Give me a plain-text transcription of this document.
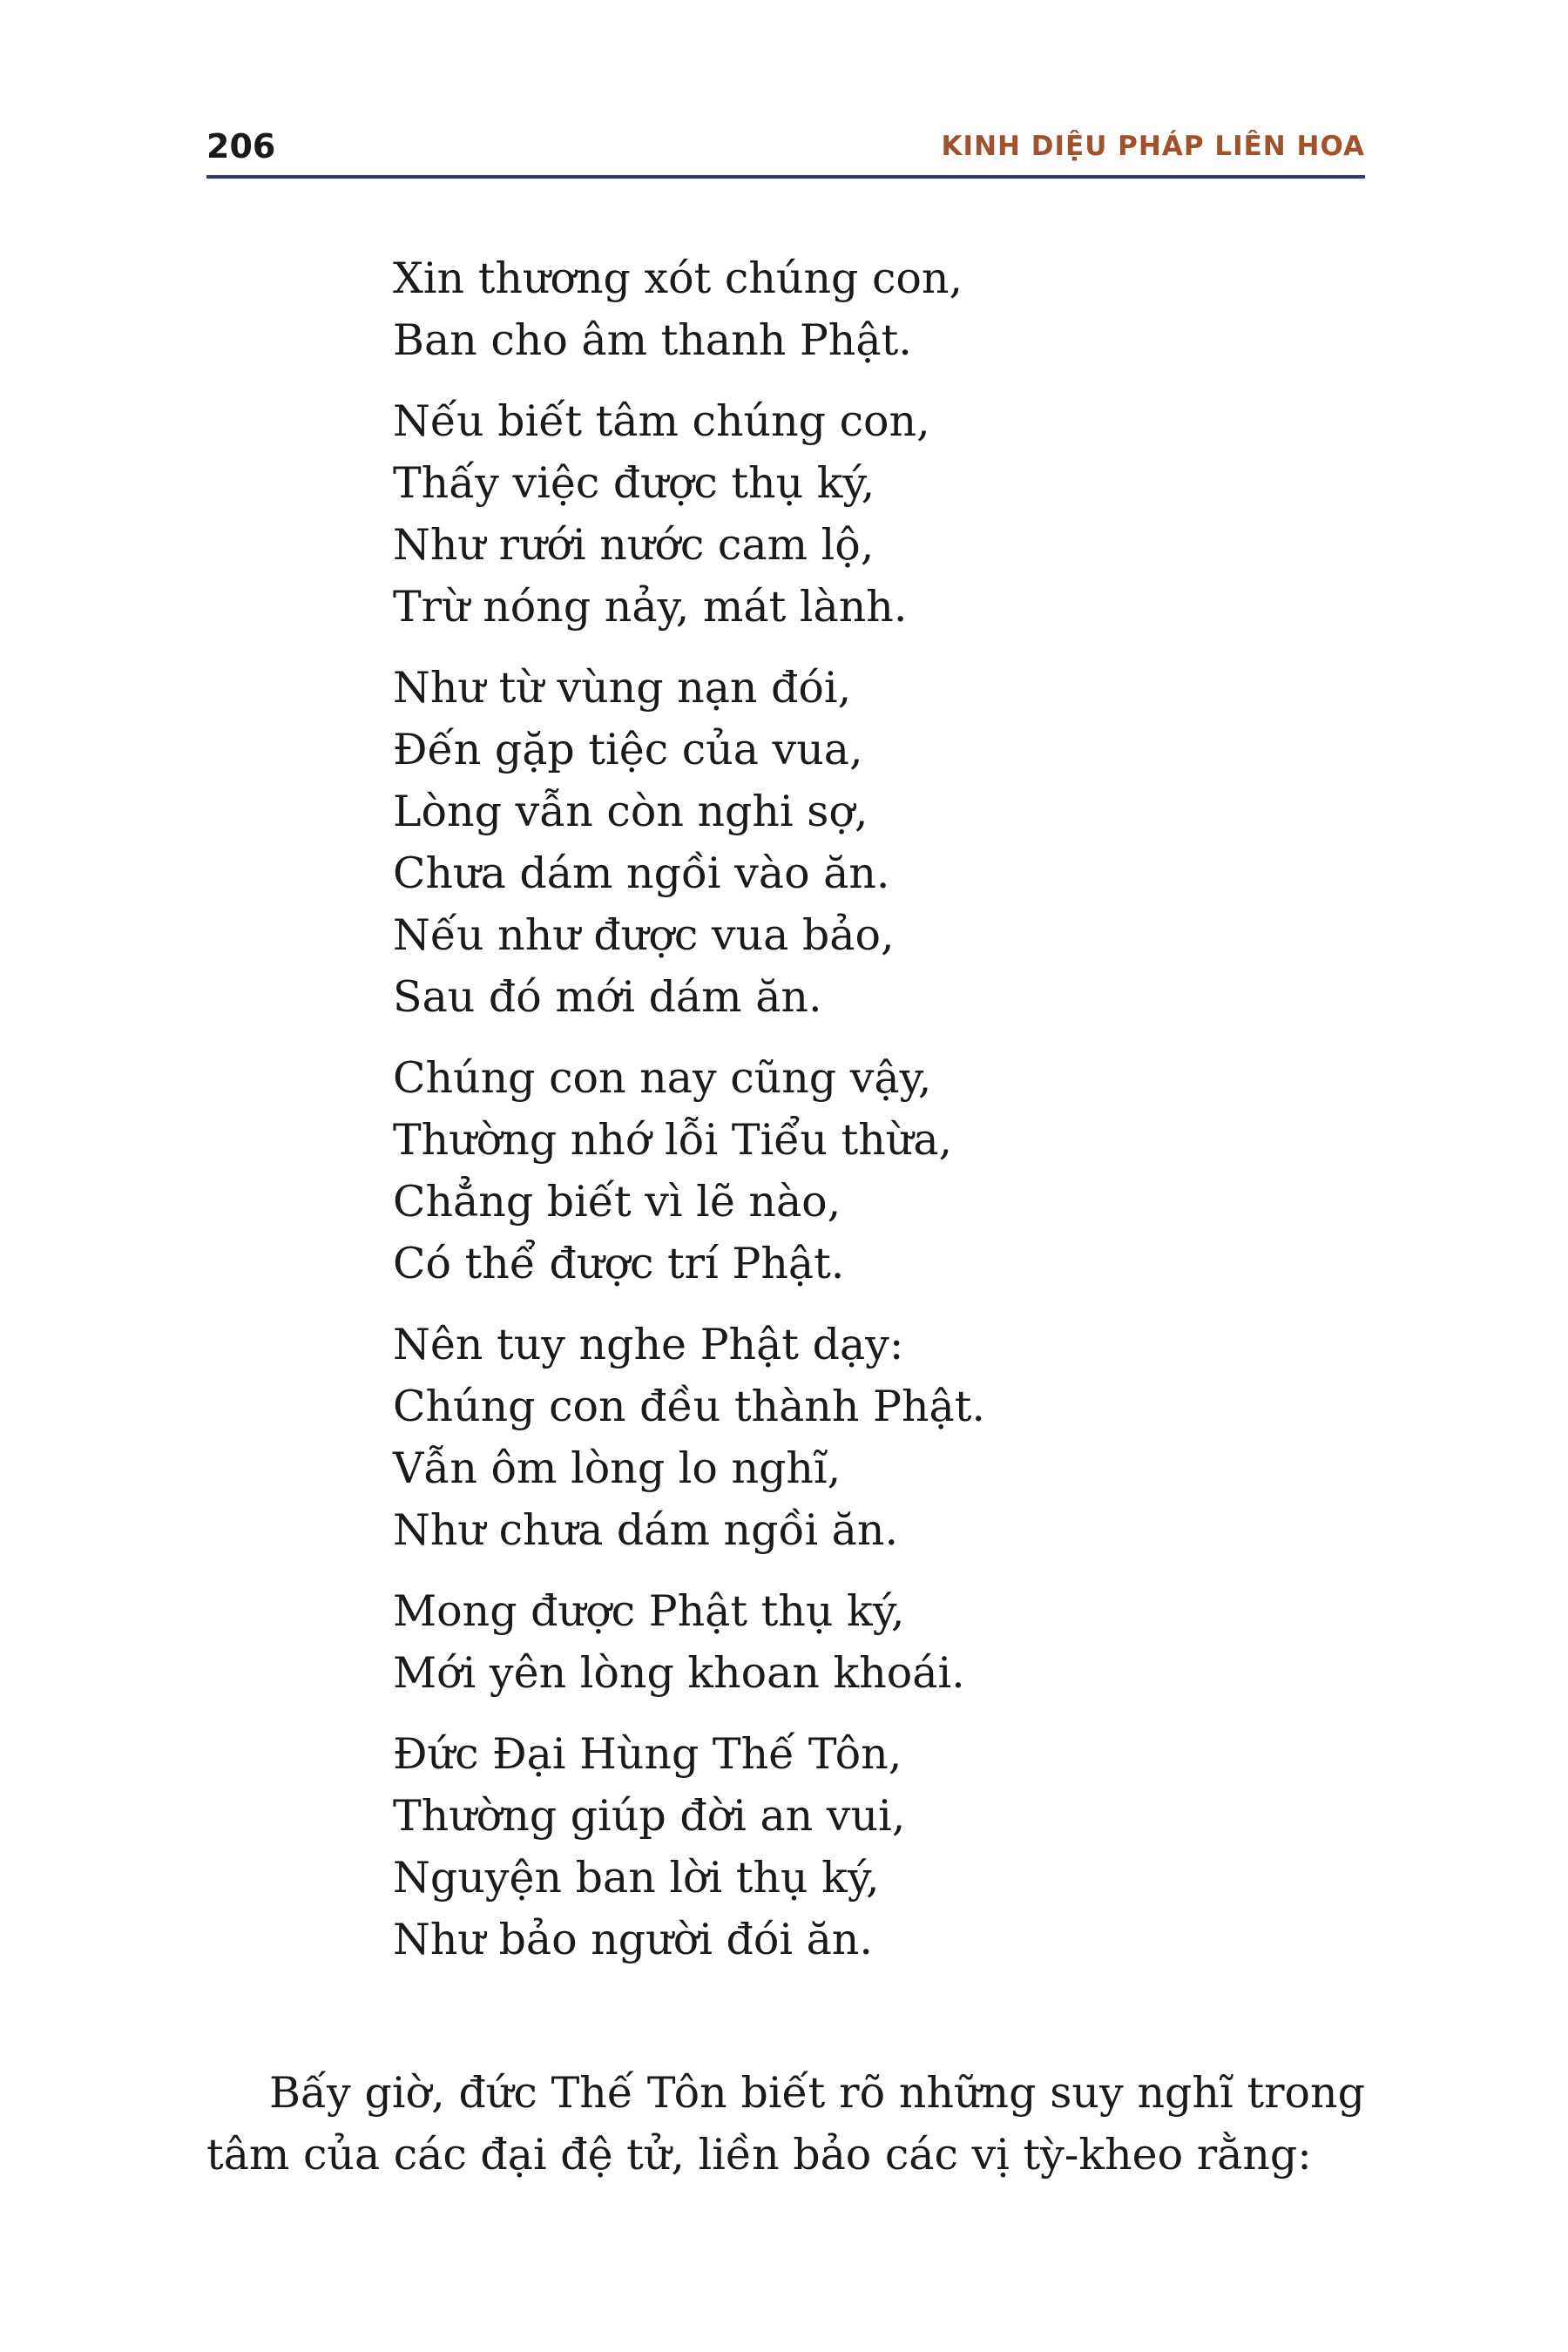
206	KINH DIỆU PHÁP LIÊN HOA
Xin thương xót chúng con,
Ban cho âm thanh Phật.
Nếu biết tâm chúng con,
Thấy việc được thụ ký,
Như rưới nước cam lộ,
Trừ nóng nảy, mát lành.
Như từ vùng nạn đói,
Đến gặp tiệc của vua,
Lòng vẫn còn nghi sợ,
Chưa dám ngồi vào ăn.
Nếu như được vua bảo,
Sau đó mới dám ăn.
Chúng con nay cũng vậy,
Thường nhớ lỗi Tiểu thừa,
Chẳng biết vì lẽ nào,
Có thể được trí Phật.
Nên tuy nghe Phật dạy:
Chúng con đều thành Phật.
Vẫn ôm lòng lo nghĩ,
Như chưa dám ngồi ăn.
Mong được Phật thụ ký,
Mới yên lòng khoan khoái.
Đức Đại Hùng Thế Tôn,
Thường giúp đời an vui,
Nguyện ban lời thụ ký,
Như bảo người đói ăn.

Bấy giờ, đức Thế Tôn biết rõ những suy nghĩ trong tâm của các đại đệ tử, liền bảo các vị tỳ-kheo rằng:
